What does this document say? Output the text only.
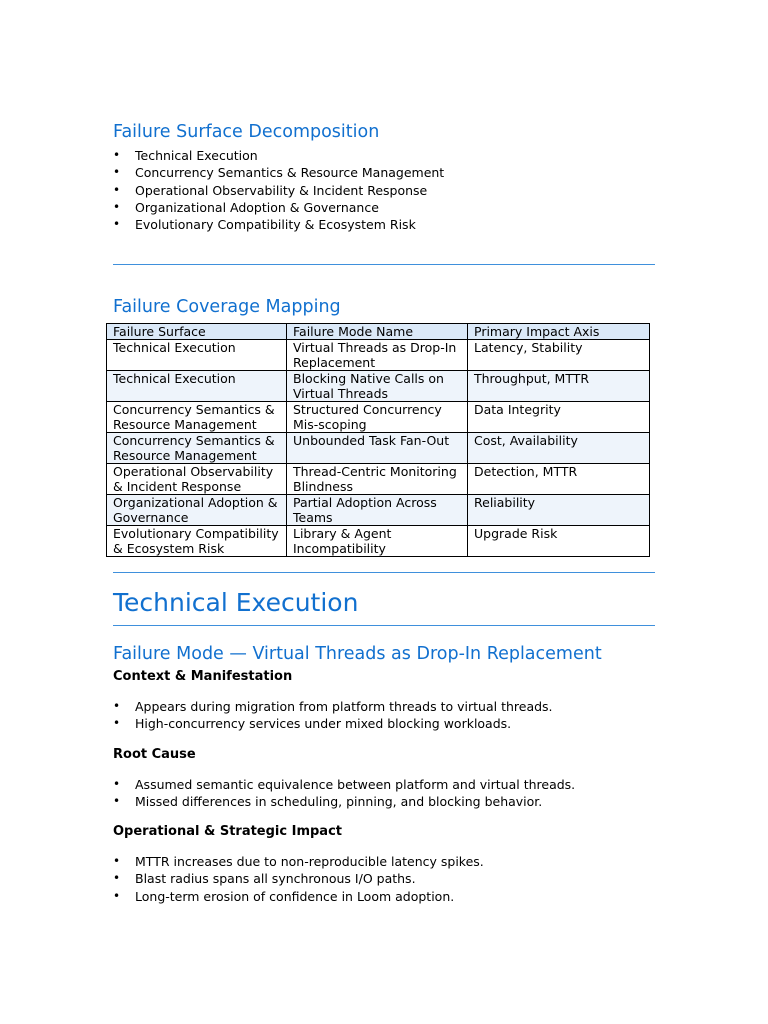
Failure Surface Decomposition
• Technical Execution
• Concurrency Semantics & Resource Management
• Operational Observability & Incident Response
• Organizational Adoption & Governance
• Evolutionary Compatibility & Ecosystem Risk
Failure Coverage Mapping
Failure Surface	Failure Mode Name	Primary Impact Axis
Technical Execution	Virtual Threads as Drop-In Replacement	Latency, Stability
Technical Execution	Blocking Native Calls on Virtual Threads	Throughput, MTTR
Concurrency Semantics & Resource Management	Structured Concurrency Mis-scoping	Data Integrity
Concurrency Semantics & Resource Management	Unbounded Task Fan-Out	Cost, Availability
Operational Observability & Incident Response	Thread-Centric Monitoring Blindness	Detection, MTTR
Organizational Adoption & Governance	Partial Adoption Across Teams	Reliability
Evolutionary Compatibility & Ecosystem Risk	Library & Agent Incompatibility	Upgrade Risk
Technical Execution
Failure Mode — Virtual Threads as Drop-In Replacement
Context & Manifestation
• Appears during migration from platform threads to virtual threads.
• High-concurrency services under mixed blocking workloads.
Root Cause
• Assumed semantic equivalence between platform and virtual threads.
• Missed differences in scheduling, pinning, and blocking behavior.
Operational & Strategic Impact
• MTTR increases due to non-reproducible latency spikes.
• Blast radius spans all synchronous I/O paths.
• Long-term erosion of confidence in Loom adoption.
